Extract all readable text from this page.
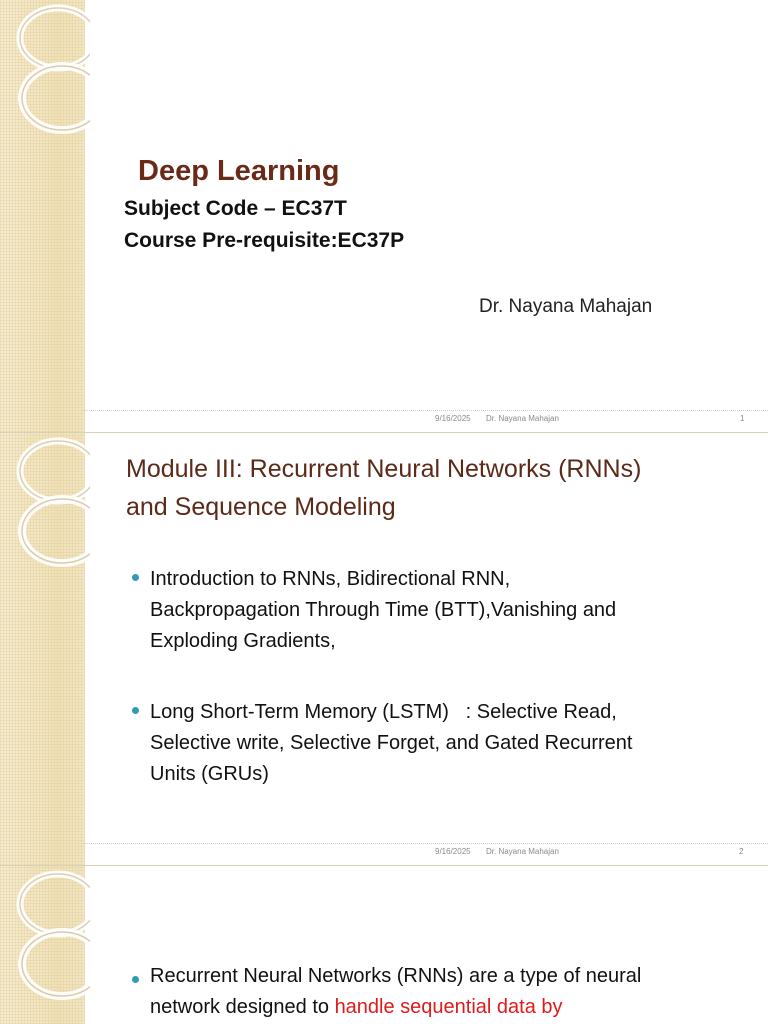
Deep Learning
Subject Code – EC37T
Course Pre-requisite:EC37P
Dr. Nayana Mahajan
9/16/2025 Dr. Nayana Mahajan	1
Module III: Recurrent Neural Networks (RNNs)
and Sequence Modeling
Introduction to RNNs, Bidirectional RNN,
Backpropagation Through Time (BTT),Vanishing and
Exploding Gradients,
Long Short-Term Memory (LSTM)   : Selective Read,
Selective write, Selective Forget, and Gated Recurrent
Units (GRUs)
9/16/2025 Dr. Nayana Mahajan	2
Recurrent Neural Networks (RNNs) are a type of neural
network designed to handle sequential data by
